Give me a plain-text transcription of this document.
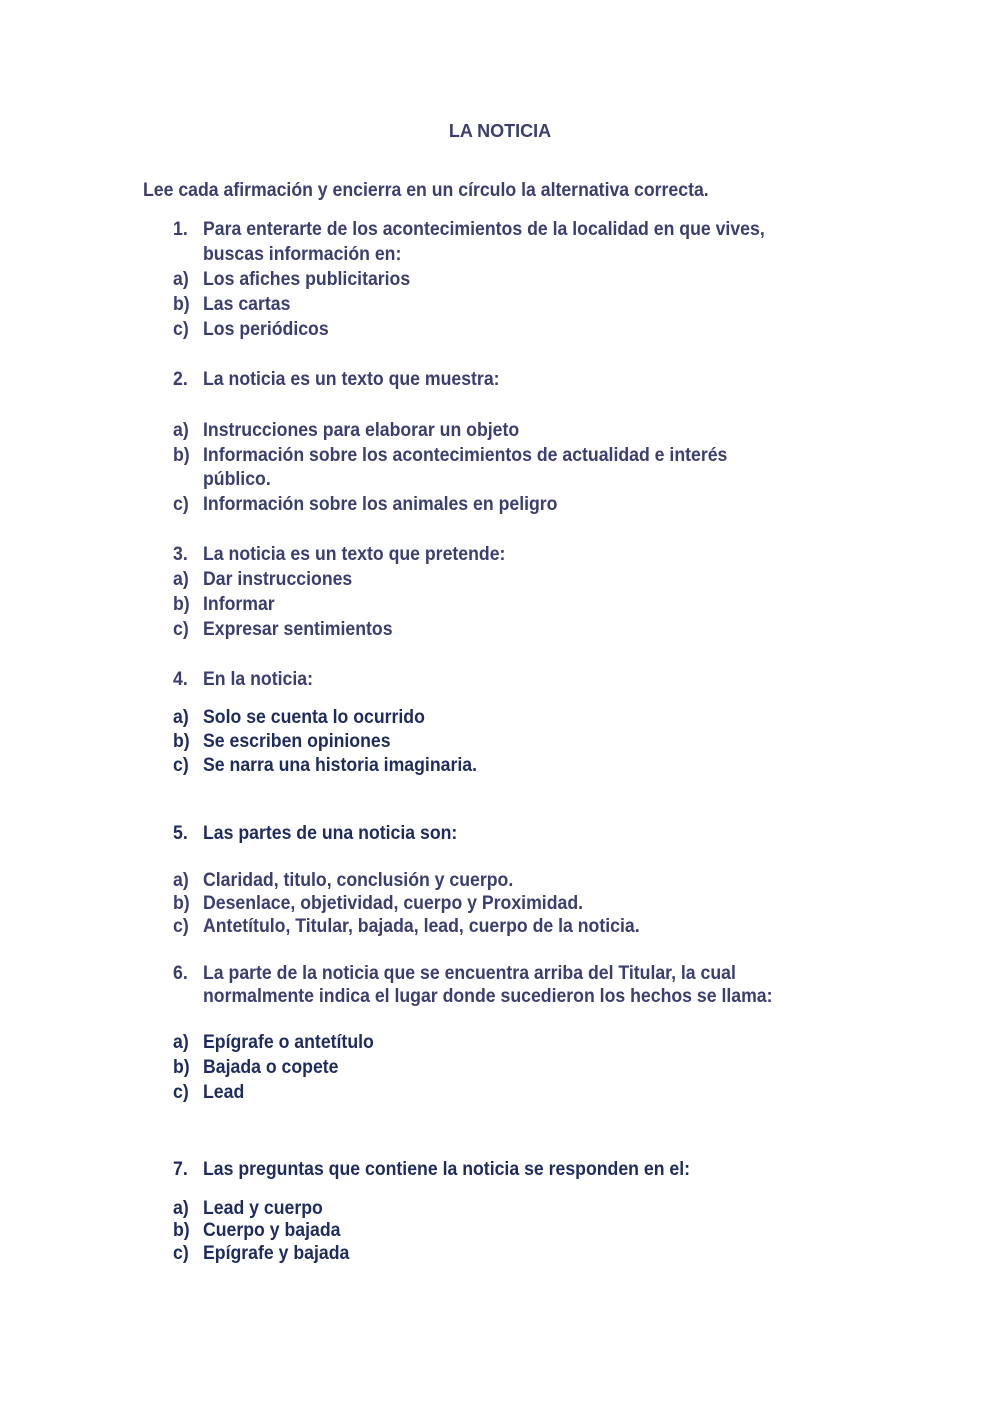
LA NOTICIA
Lee cada afirmación y encierra en un círculo la alternativa correcta.
1. Para enterarte de los acontecimientos de la localidad en que vives,
buscas información en:
a) Los afiches publicitarios
b) Las cartas
c) Los periódicos
2. La noticia es un texto que muestra:
a) Instrucciones para elaborar un objeto
b) Información sobre los acontecimientos de actualidad e interés
público.
c) Información sobre los animales en peligro
3. La noticia es un texto que pretende:
a) Dar instrucciones
b) Informar
c) Expresar sentimientos
4. En la noticia:
a) Solo se cuenta lo ocurrido
b) Se escriben opiniones
c) Se narra una historia imaginaria.
5. Las partes de una noticia son:
a) Claridad, titulo, conclusión y cuerpo.
b) Desenlace, objetividad, cuerpo y Proximidad.
c) Antetítulo, Titular, bajada, lead, cuerpo de la noticia.
6. La parte de la noticia que se encuentra arriba del Titular, la cual
normalmente indica el lugar donde sucedieron los hechos se llama:
a) Epígrafe o antetítulo
b) Bajada o copete
c) Lead
7. Las preguntas que contiene la noticia se responden en el:
a) Lead y cuerpo
b) Cuerpo y bajada
c) Epígrafe y bajada
